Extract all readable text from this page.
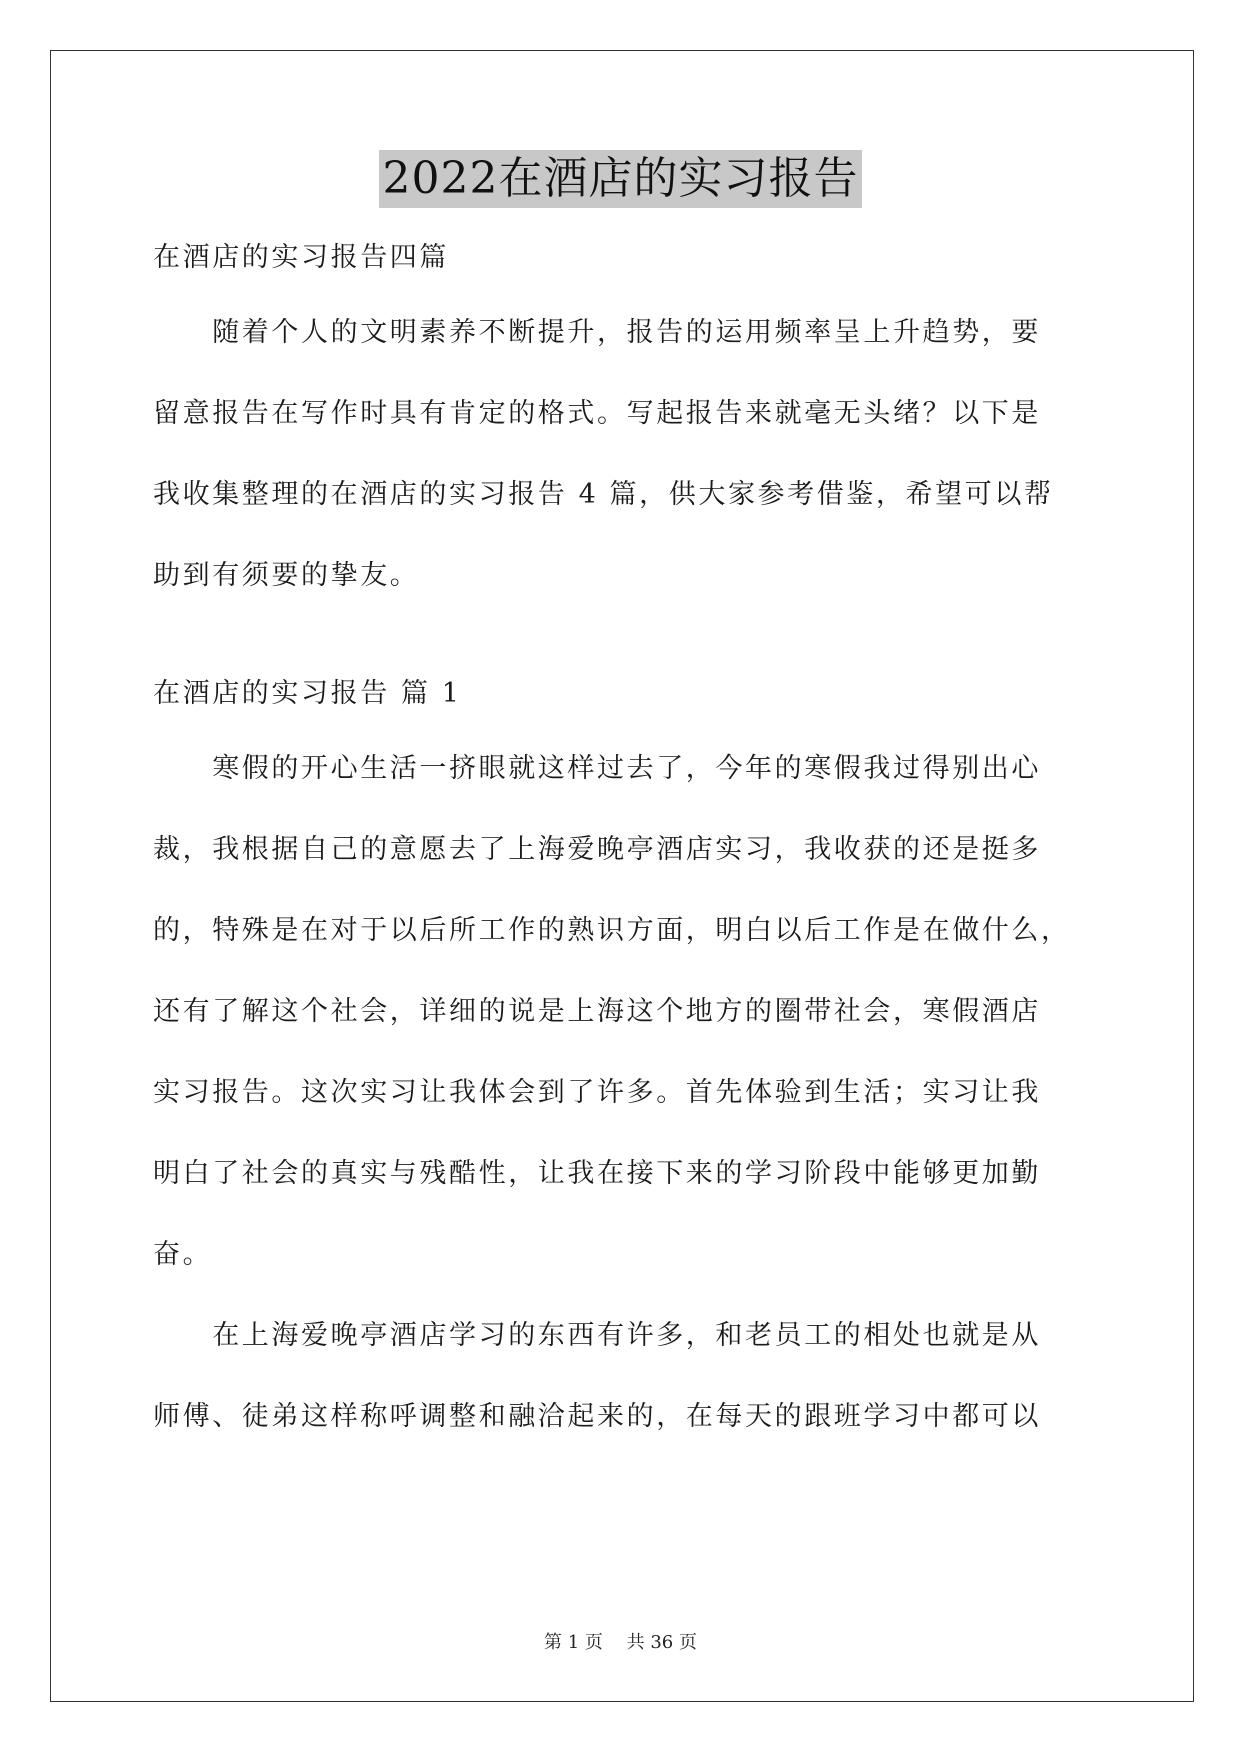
2022在酒店的实习报告
在酒店的实习报告四篇
　　随着个人的文明素养不断提升，报告的运用频率呈上升趋势，要
留意报告在写作时具有肯定的格式。写起报告来就毫无头绪？以下是
我收集整理的在酒店的实习报告 4 篇，供大家参考借鉴，希望可以帮
助到有须要的挚友。
在酒店的实习报告 篇 1
　　寒假的开心生活一挤眼就这样过去了，今年的寒假我过得别出心
裁，我根据自己的意愿去了上海爱晚亭酒店实习，我收获的还是挺多
的，特殊是在对于以后所工作的熟识方面，明白以后工作是在做什么，
还有了解这个社会，详细的说是上海这个地方的圈带社会，寒假酒店
实习报告。这次实习让我体会到了许多。首先体验到生活；实习让我
明白了社会的真实与残酷性，让我在接下来的学习阶段中能够更加勤
奋。
　　在上海爱晚亭酒店学习的东西有许多，和老员工的相处也就是从
师傅、徒弟这样称呼调整和融洽起来的，在每天的跟班学习中都可以
第 1 页　 共 36 页
